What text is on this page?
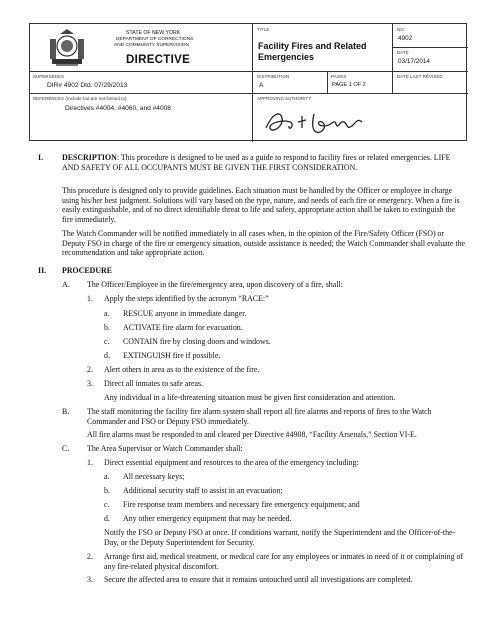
STATE OF NEW YORK
DEPARTMENT OF CORRECTIONS
AND COMMUNITY SUPERVISION
DIRECTIVE
TITLE
Facility Fires and Related
Emergencies
NO.
4902
DATE
03/17/2014
SUPERSEDES
DIR# 4902 Dtd. 07/29/2013
DISTRIBUTION
A
PAGES
PAGE 1 OF 2
DATE LAST REVISED
REFERENCES (Include but are not limited to)
Directives #4004, #4060, and #4008
APPROVING AUTHORITY
I. DESCRIPTION: This procedure is designed to be used as a guide to respond to facility fires or related emergencies. LIFE AND SAFETY OF ALL OCCUPANTS MUST BE GIVEN THE FIRST CONSIDERATION.
This procedure is designed only to provide guidelines. Each situation must be handled by the Officer or employee in charge using his/her best judgment. Solutions will vary based on the type, nature, and needs of each fire or emergency. When a fire is easily extinguishable, and of no direct identifiable threat to life and safety, appropriate action shall be taken to extinguish the fire immediately.
The Watch Commander will be notified immediately in all cases when, in the opinion of the Fire/Safety Officer (FSO) or Deputy FSO in charge of the fire or emergency situation, outside assistance is needed; the Watch Commander shall evaluate the recommendation and take appropriate action.
II. PROCEDURE
A. The Officer/Employee in the fire/emergency area, upon discovery of a fire, shall:
1. Apply the steps identified by the acronym “RACE:”
a. RESCUE anyone in immediate danger.
b. ACTIVATE fire alarm for evacuation.
c. CONTAIN fire by closing doors and windows.
d. EXTINGUISH fire if possible.
2. Alert others in area as to the existence of the fire.
3. Direct all inmates to safe areas.
Any individual in a life-threatening situation must be given first consideration and attention.
B. The staff monitoring the facility fire alarm system shall report all fire alarms and reports of fires to the Watch Commander and FSO or Deputy FSO immediately.
All fire alarms must be responded to and cleared per Directive #4908, “Facility Arsenals,” Section VI-E.
C. The Area Supervisor or Watch Commander shall:
1. Direct essential equipment and resources to the area of the emergency including:
a. All necessary keys;
b. Additional security staff to assist in an evacuation;
c. Fire response team members and necessary fire emergency equipment; and
d. Any other emergency equipment that may be needed.
Notify the FSO or Deputy FSO at once. If conditions warrant, notify the Superintendent and the Officer-of-the-Day, or the Deputy Superintendent for Security.
2. Arrange first aid, medical treatment, or medical care for any employees or inmates in need of it or complaining of any fire-related physical discomfort.
3. Secure the affected area to ensure that it remains untouched until all investigations are completed.
